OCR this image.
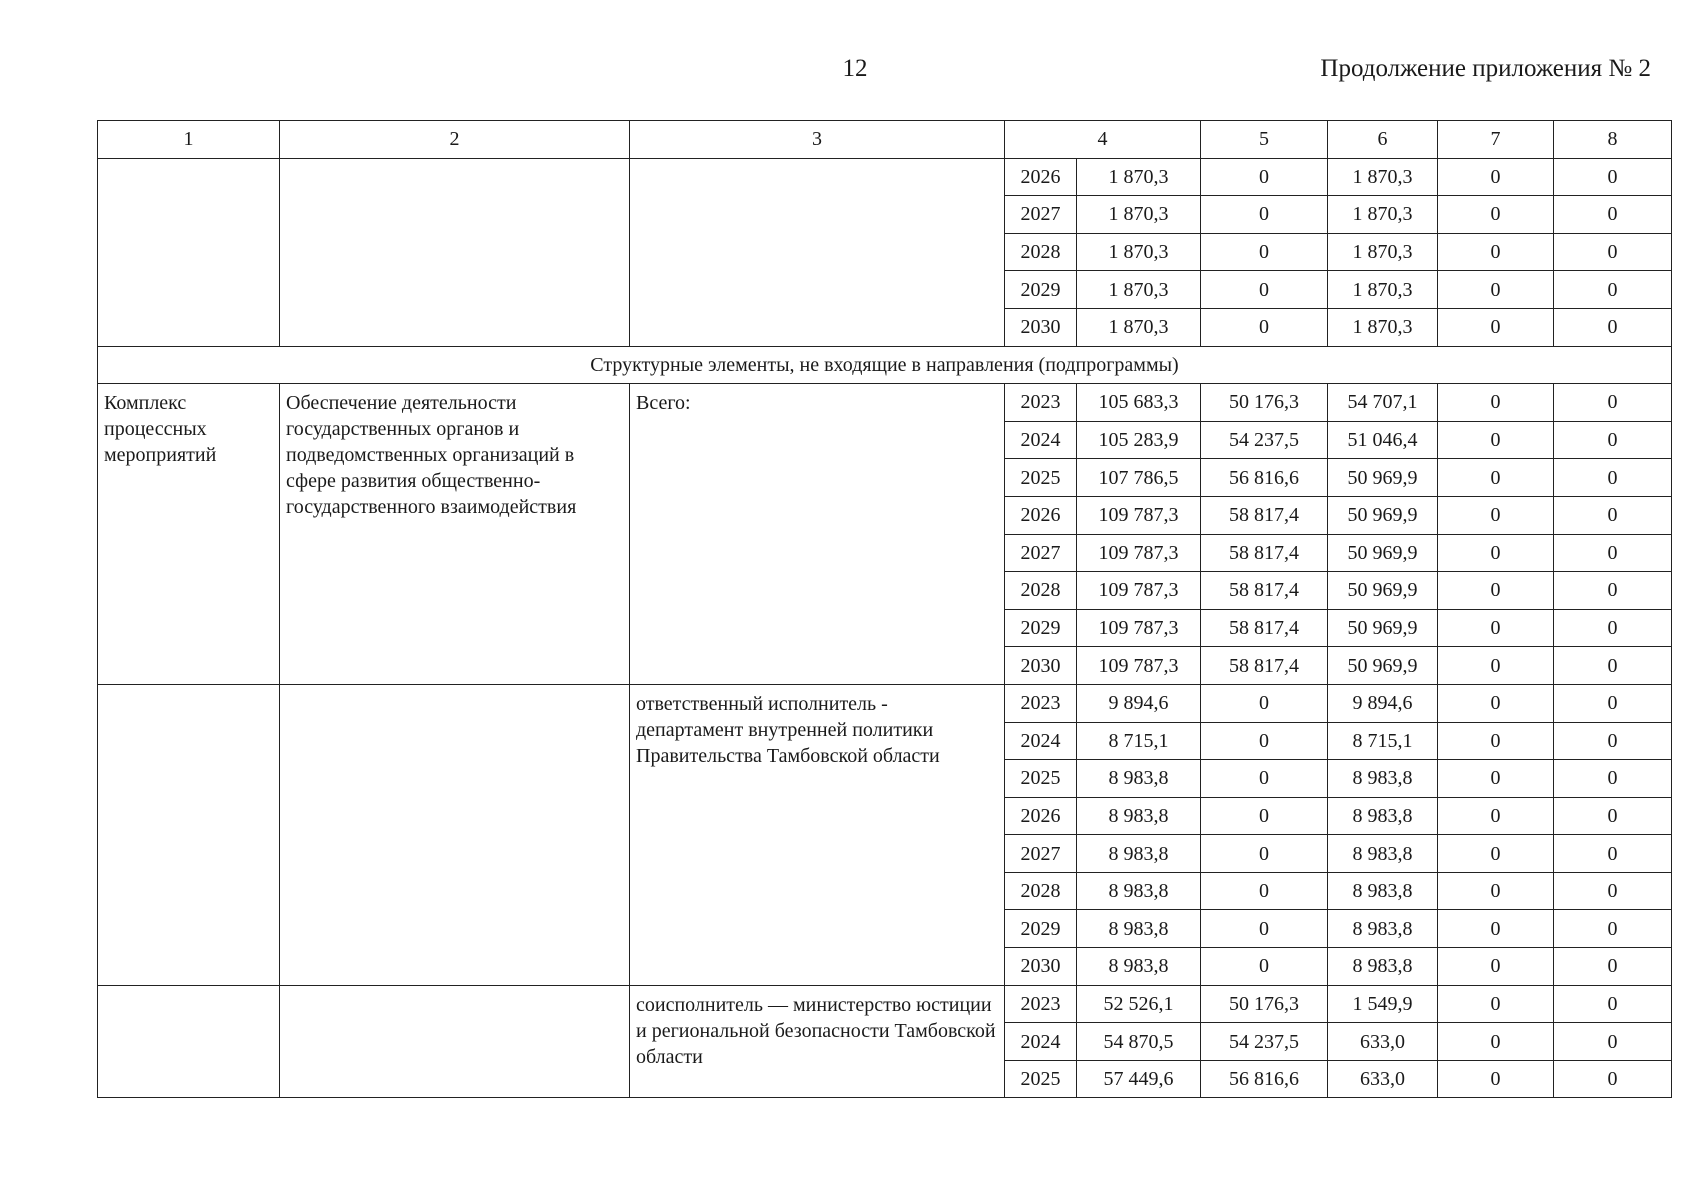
12	Продолжение приложения № 2
1	2	3	4		5	6	7	8
			2026	1 870,3	0	1 870,3	0	0
			2027	1 870,3	0	1 870,3	0	0
			2028	1 870,3	0	1 870,3	0	0
			2029	1 870,3	0	1 870,3	0	0
			2030	1 870,3	0	1 870,3	0	0
Структурные элементы, не входящие в направления (подпрограммы)								
Комплекс процессных мероприятий	Обеспечение деятельности государственных органов и подведомственных организаций в сфере развития общественно-государственного взаимодействия	Всего:	2023	105 683,3	50 176,3	54 707,1	0	0
			2024	105 283,9	54 237,5	51 046,4	0	0
			2025	107 786,5	56 816,6	50 969,9	0	0
			2026	109 787,3	58 817,4	50 969,9	0	0
			2027	109 787,3	58 817,4	50 969,9	0	0
			2028	109 787,3	58 817,4	50 969,9	0	0
			2029	109 787,3	58 817,4	50 969,9	0	0
			2030	109 787,3	58 817,4	50 969,9	0	0
		ответственный исполнитель - департамент внутренней политики Правительства Тамбовской области	2023	9 894,6	0	9 894,6	0	0
			2024	8 715,1	0	8 715,1	0	0
			2025	8 983,8	0	8 983,8	0	0
			2026	8 983,8	0	8 983,8	0	0
			2027	8 983,8	0	8 983,8	0	0
			2028	8 983,8	0	8 983,8	0	0
			2029	8 983,8	0	8 983,8	0	0
			2030	8 983,8	0	8 983,8	0	0
		соисполнитель — министерство юстиции и региональной безопасности Тамбовской области	2023	52 526,1	50 176,3	1 549,9	0	0
			2024	54 870,5	54 237,5	633,0	0	0
			2025	57 449,6	56 816,6	633,0	0	0
